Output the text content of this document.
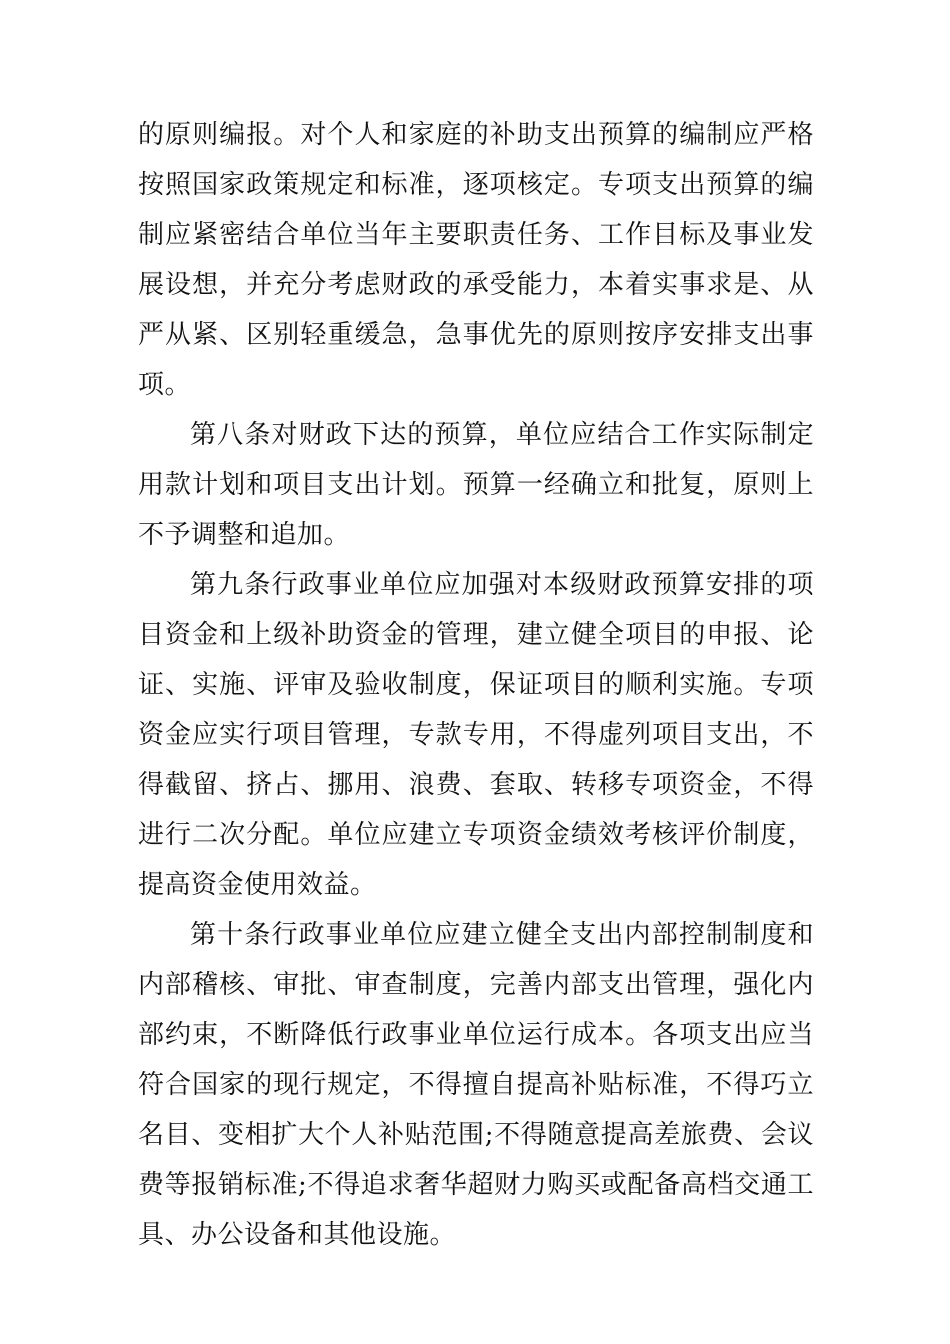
的原则编报。对个人和家庭的补助支出预算的编制应严格按照国家政策规定和标准，逐项核定。专项支出预算的编制应紧密结合单位当年主要职责任务、工作目标及事业发展设想，并充分考虑财政的承受能力，本着实事求是、从严从紧、区别轻重缓急，急事优先的原则按序安排支出事项。

第八条对财政下达的预算，单位应结合工作实际制定用款计划和项目支出计划。预算一经确立和批复，原则上不予调整和追加。

第九条行政事业单位应加强对本级财政预算安排的项目资金和上级补助资金的管理，建立健全项目的申报、论证、实施、评审及验收制度，保证项目的顺利实施。专项资金应实行项目管理，专款专用，不得虚列项目支出，不得截留、挤占、挪用、浪费、套取、转移专项资金，不得进行二次分配。单位应建立专项资金绩效考核评价制度，提高资金使用效益。

第十条行政事业单位应建立健全支出内部控制制度和内部稽核、审批、审查制度，完善内部支出管理，强化内部约束，不断降低行政事业单位运行成本。各项支出应当符合国家的现行规定，不得擅自提高补贴标准，不得巧立名目、变相扩大个人补贴范围;不得随意提高差旅费、会议费等报销标准;不得追求奢华超财力购买或配备高档交通工具、办公设备和其他设施。
